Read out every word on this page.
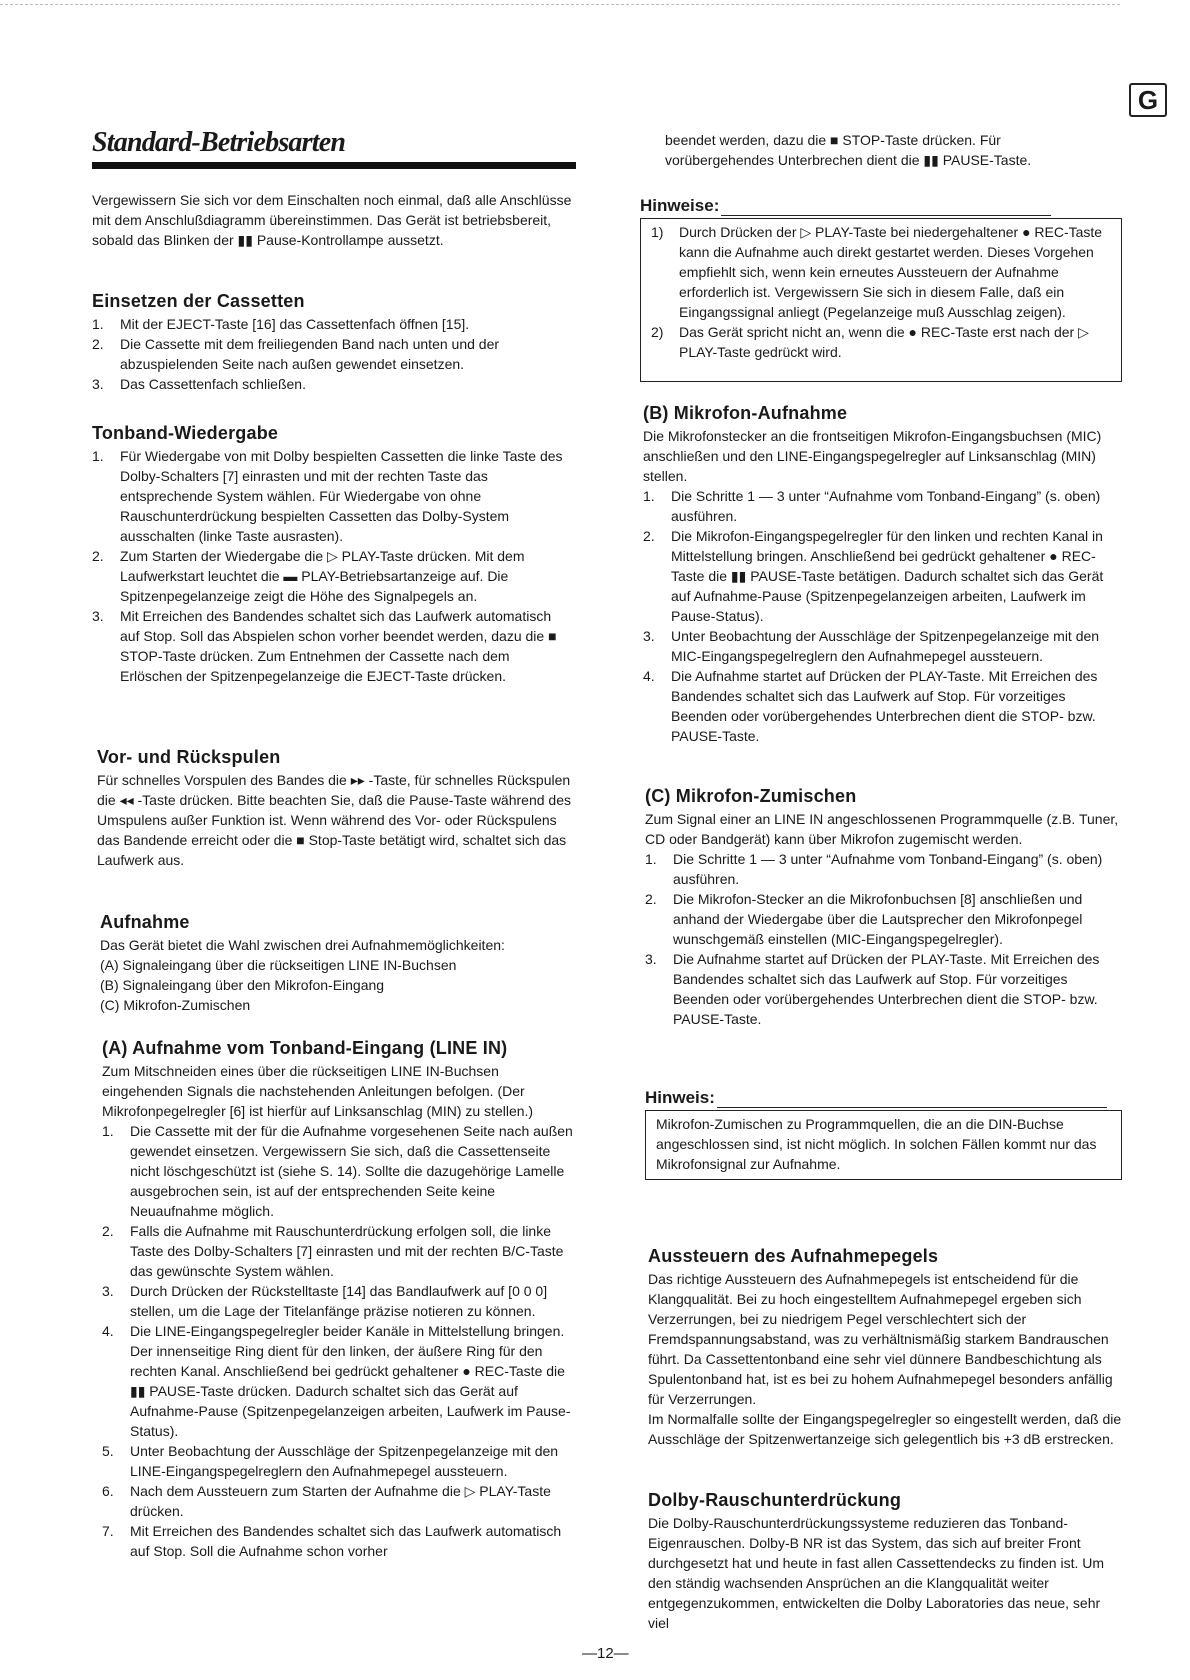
G
Standard-Betriebsarten

Vergewissern Sie sich vor dem Einschalten noch einmal, daß alle Anschlüsse mit dem Anschlußdiagramm übereinstimmen. Das Gerät ist betriebsbereit, sobald das Blinken der ▮▮ Pause-Kontrollampe aussetzt.

Einsetzen der Cassetten
1. Mit der EJECT-Taste [16] das Cassettenfach öffnen [15].
2. Die Cassette mit dem freiliegenden Band nach unten und der abzuspielenden Seite nach außen gewendet einsetzen.
3. Das Cassettenfach schließen.
Tonband-Wiedergabe
1. Für Wiedergabe von mit Dolby bespielten Cassetten die linke Taste des Dolby-Schalters [7] einrasten und mit der rechten Taste das entsprechende System wählen. Für Wiedergabe von ohne Rauschunterdrückung bespielten Cassetten das Dolby-System ausschalten (linke Taste ausrasten).
2. Zum Starten der Wiedergabe die ▷ PLAY-Taste drücken. Mit dem Laufwerkstart leuchtet die ▬ PLAY-Betriebsartanzeige auf. Die Spitzenpegelanzeige zeigt die Höhe des Signalpegels an.
3. Mit Erreichen des Bandendes schaltet sich das Laufwerk automatisch auf Stop. Soll das Abspielen schon vorher beendet werden, dazu die ■ STOP-Taste drücken. Zum Entnehmen der Cassette nach dem Erlöschen der Spitzenpegelanzeige die EJECT-Taste drücken.
Vor- und Rückspulen

Für schnelles Vorspulen des Bandes die ▸▸ -Taste, für schnelles Rückspulen die ◂◂ -Taste drücken. Bitte beachten Sie, daß die Pause-Taste während des Umspulens außer Funktion ist. Wenn während des Vor- oder Rückspulens das Bandende erreicht oder die ■ Stop-Taste betätigt wird, schaltet sich das Laufwerk aus.

Aufnahme

Das Gerät bietet die Wahl zwischen drei Aufnahmemöglichkeiten:

(A) Signaleingang über die rückseitigen LINE IN-Buchsen
(B) Signaleingang über den Mikrofon-Eingang
(C) Mikrofon-Zumischen
(A) Aufnahme vom Tonband-Eingang (LINE IN)

Zum Mitschneiden eines über die rückseitigen LINE IN-Buchsen eingehenden Signals die nachstehenden Anleitungen befolgen. (Der Mikrofonpegelregler [6] ist hierfür auf Linksanschlag (MIN) zu stellen.)

1. Die Cassette mit der für die Aufnahme vorgesehenen Seite nach außen gewendet einsetzen. Vergewissern Sie sich, daß die Cassettenseite nicht löschgeschützt ist (siehe S. 14). Sollte die dazugehörige Lamelle ausgebrochen sein, ist auf der entsprechenden Seite keine Neuaufnahme möglich.
2. Falls die Aufnahme mit Rauschunterdrückung erfolgen soll, die linke Taste des Dolby-Schalters [7] einrasten und mit der rechten B/C-Taste das gewünschte System wählen.
3. Durch Drücken der Rückstelltaste [14] das Bandlaufwerk auf [0 0 0] stellen, um die Lage der Titelanfänge präzise notieren zu können.
4. Die LINE-Eingangspegelregler beider Kanäle in Mittelstellung bringen. Der innenseitige Ring dient für den linken, der äußere Ring für den rechten Kanal. Anschließend bei gedrückt gehaltener ● REC-Taste die ▮▮ PAUSE-Taste drücken. Dadurch schaltet sich das Gerät auf Aufnahme-Pause (Spitzenpegelanzeigen arbeiten, Laufwerk im Pause-Status).
5. Unter Beobachtung der Ausschläge der Spitzenpegelanzeige mit den LINE-Eingangspegelreglern den Aufnahmepegel aussteuern.
6. Nach dem Aussteuern zum Starten der Aufnahme die ▷ PLAY-Taste drücken.
7. Mit Erreichen des Bandendes schaltet sich das Laufwerk automatisch auf Stop. Soll die Aufnahme schon vorher

beendet werden, dazu die ■ STOP-Taste drücken. Für vorübergehendes Unterbrechen dient die ▮▮ PAUSE-Taste.

Hinweise:
1) Durch Drücken der ▷ PLAY-Taste bei niedergehaltener ● REC-Taste kann die Aufnahme auch direkt gestartet werden. Dieses Vorgehen empfiehlt sich, wenn kein erneutes Aussteuern der Aufnahme erforderlich ist. Vergewissern Sie sich in diesem Falle, daß ein Eingangssignal anliegt (Pegelanzeige muß Ausschlag zeigen).
2) Das Gerät spricht nicht an, wenn die ● REC-Taste erst nach der ▷ PLAY-Taste gedrückt wird.
(B) Mikrofon-Aufnahme

Die Mikrofonstecker an die frontseitigen Mikrofon-Eingangsbuchsen (MIC) anschließen und den LINE-Eingangspegelregler auf Linksanschlag (MIN) stellen.

1. Die Schritte 1 — 3 unter “Aufnahme vom Tonband-Eingang” (s. oben) ausführen.
2. Die Mikrofon-Eingangspegelregler für den linken und rechten Kanal in Mittelstellung bringen. Anschließend bei gedrückt gehaltener ● REC-Taste die ▮▮ PAUSE-Taste betätigen. Dadurch schaltet sich das Gerät auf Aufnahme-Pause (Spitzenpegelanzeigen arbeiten, Laufwerk im Pause-Status).
3. Unter Beobachtung der Ausschläge der Spitzenpegelanzeige mit den MIC-Eingangspegelreglern den Aufnahmepegel aussteuern.
4. Die Aufnahme startet auf Drücken der PLAY-Taste. Mit Erreichen des Bandendes schaltet sich das Laufwerk auf Stop. Für vorzeitiges Beenden oder vorübergehendes Unterbrechen dient die STOP- bzw. PAUSE-Taste.
(C) Mikrofon-Zumischen

Zum Signal einer an LINE IN angeschlossenen Programmquelle (z.B. Tuner, CD oder Bandgerät) kann über Mikrofon zugemischt werden.

1. Die Schritte 1 — 3 unter “Aufnahme vom Tonband-Eingang” (s. oben) ausführen.
2. Die Mikrofon-Stecker an die Mikrofonbuchsen [8] anschließen und anhand der Wiedergabe über die Lautsprecher den Mikrofonpegel wunschgemäß einstellen (MIC-Eingangspegelregler).
3. Die Aufnahme startet auf Drücken der PLAY-Taste. Mit Erreichen des Bandendes schaltet sich das Laufwerk auf Stop. Für vorzeitiges Beenden oder vorübergehendes Unterbrechen dient die STOP- bzw. PAUSE-Taste.
Hinweis:

Mikrofon-Zumischen zu Programmquellen, die an die DIN-Buchse angeschlossen sind, ist nicht möglich. In solchen Fällen kommt nur das Mikrofonsignal zur Aufnahme.

Aussteuern des Aufnahmepegels

Das richtige Aussteuern des Aufnahmepegels ist entscheidend für die Klangqualität. Bei zu hoch eingestelltem Aufnahmepegel ergeben sich Verzerrungen, bei zu niedrigem Pegel verschlechtert sich der Fremdspannungsabstand, was zu verhältnismäßig starkem Bandrauschen führt. Da Cassettentonband eine sehr viel dünnere Bandbeschichtung als Spulentonband hat, ist es bei zu hohem Aufnahmepegel besonders anfällig für Verzerrungen.

Im Normalfalle sollte der Eingangspegelregler so eingestellt werden, daß die Ausschläge der Spitzenwertanzeige sich gelegentlich bis +3 dB erstrecken.

Dolby-Rauschunterdrückung

Die Dolby-Rauschunterdrückungssysteme reduzieren das Tonband-Eigenrauschen. Dolby-B NR ist das System, das sich auf breiter Front durchgesetzt hat und heute in fast allen Cassettendecks zu finden ist. Um den ständig wachsenden Ansprüchen an die Klangqualität weiter entgegenzukommen, entwickelten die Dolby Laboratories das neue, sehr viel

—12—
